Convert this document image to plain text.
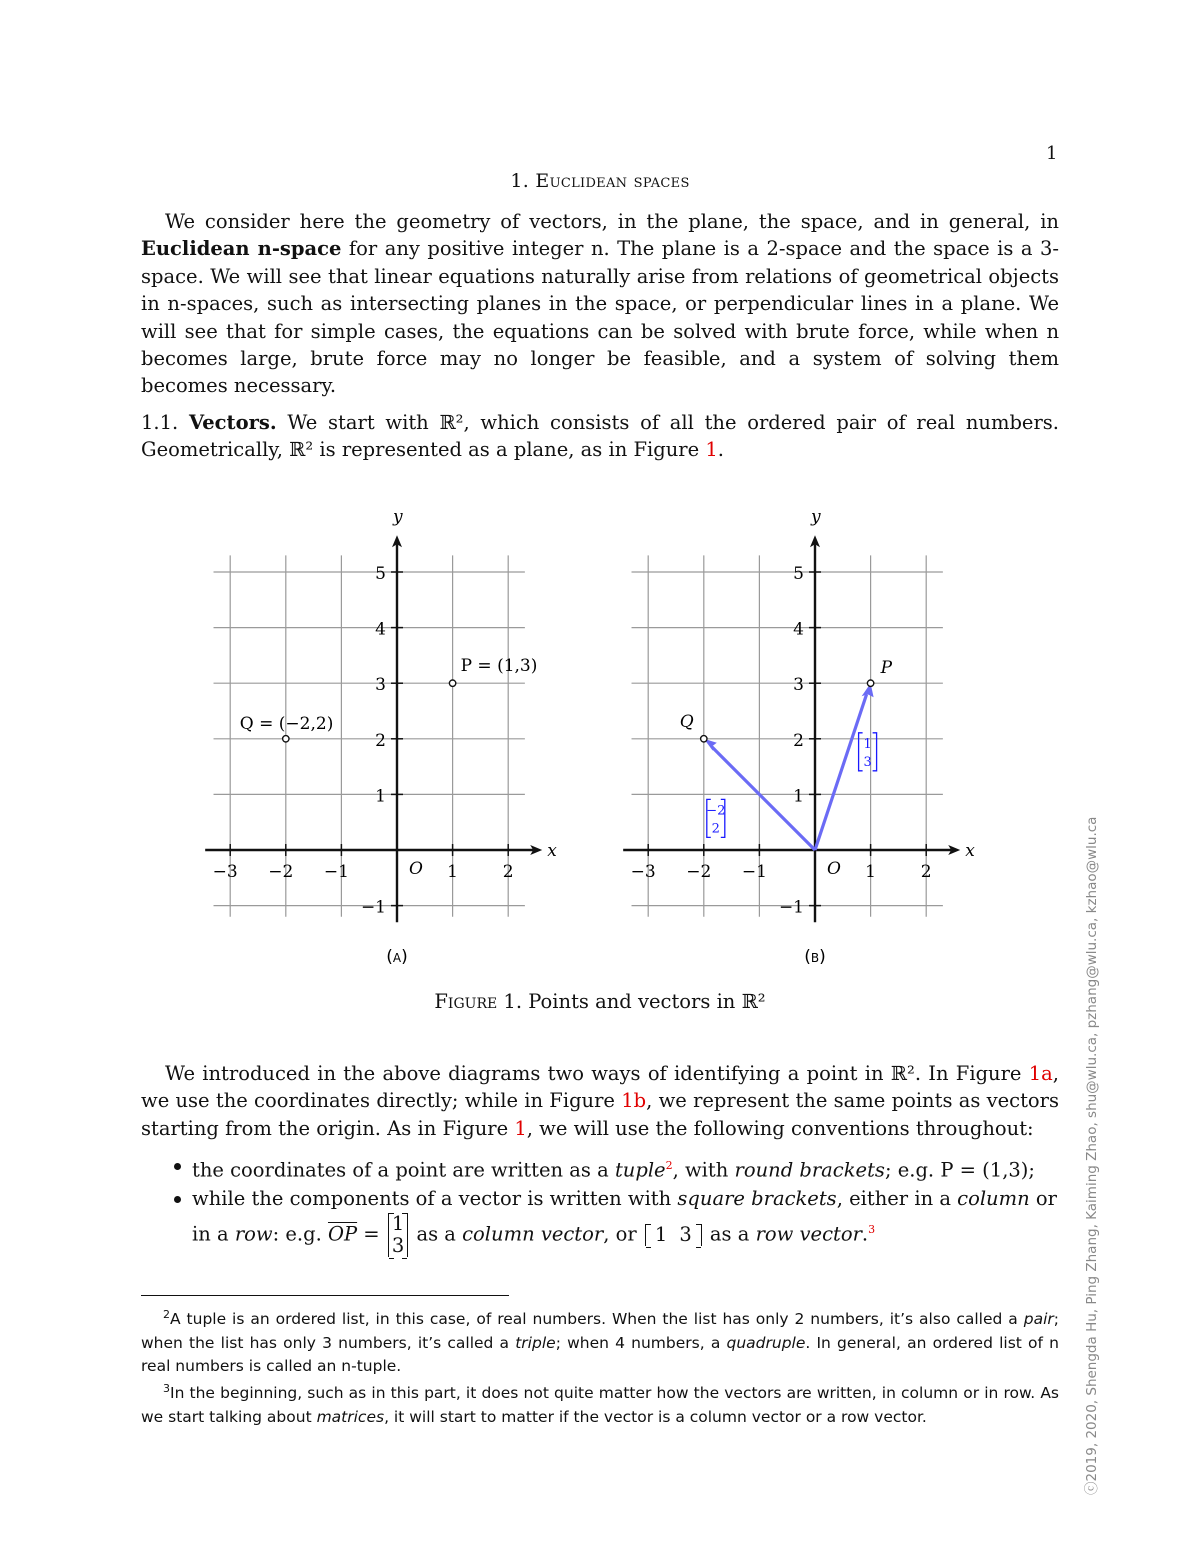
1
1. Euclidean spaces
We consider here the geometry of vectors, in the plane, the space, and in general, in Euclidean n-space for any positive integer n. The plane is a 2-space and the space is a 3-space. We will see that linear equations naturally arise from relations of geometrical objects in n-spaces, such as intersecting planes in the space, or perpendicular lines in a plane. We will see that for simple cases, the equations can be solved with brute force, while when n becomes large, brute force may no longer be feasible, and a system of solving them becomes necessary.
1.1. Vectors. We start with ℝ², which consists of all the ordered pair of real numbers. Geometrically, ℝ² is represented as a plane, as in Figure 1.
x
y
O
−3 −2 −1	1	2
−1
1
2
3
4
5
P = (1,3)
Q = (−2,2)
x
y
O
−3 −2 −1	1	2
−1
1
2
3
4
5
P
Q
1
3
−2
2
(a)	(b)
Figure 1. Points and vectors in ℝ²
We introduced in the above diagrams two ways of identifying a point in ℝ². In Figure 1a, we use the coordinates directly; while in Figure 1b, we represent the same points as vectors starting from the origin. As in Figure 1, we will use the following conventions throughout:
the coordinates of a point are written as a tuple$^2$, with round brackets; e.g. P = (1,3);
while the components of a vector is written with square brackets, either in a column or in a row: e.g. $\overline{OP} = 1$
3 as a column vector, or 1 3 as a row vector.$^3$
$^2$A tuple is an ordered list, in this case, of real numbers. When the list has only 2 numbers, it’s also called a pair; when the list has only 3 numbers, it’s called a triple; when 4 numbers, a quadruple. In general, an ordered list of n real numbers is called an n-tuple.
$^3$In the beginning, such as in this part, it does not quite matter how the vectors are written, in column or in row. As we start talking about matrices, it will start to matter if the vector is a column vector or a row vector.	ⓒ2019, 2020, Shengda Hu, Ping Zhang, Kaiming Zhao, shu@wlu.ca, pzhang@wlu.ca, kzhao@wlu.ca
